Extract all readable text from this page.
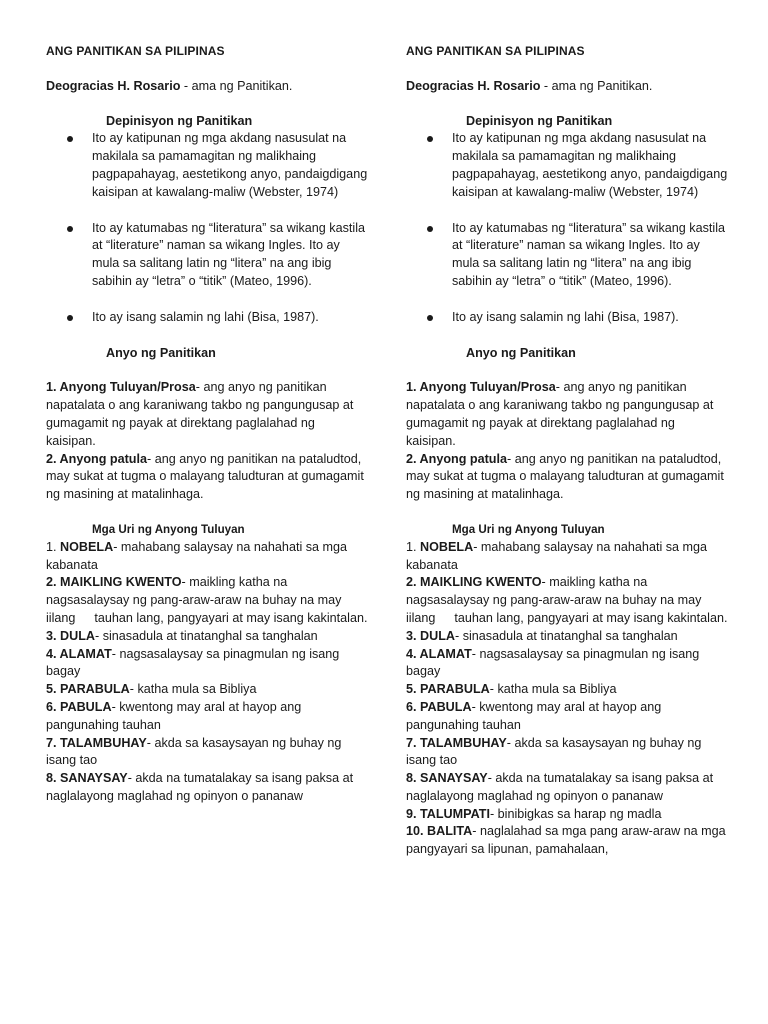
ANG PANITIKAN SA PILIPINAS
Deogracias H. Rosario - ama ng Panitikan.
Depinisyon ng Panitikan
Ito ay katipunan ng mga akdang nasusulat na makilala sa pamamagitan ng malikhaing pagpapahayag, aestetikong anyo, pandaigdigang kaisipan at kawalang-maliw (Webster, 1974)
Ito ay katumabas ng “literatura” sa wikang kastila at “literature” naman sa wikang Ingles. Ito ay mula sa salitang latin ng “litera” na ang ibig sabihin ay “letra” o “titik” (Mateo, 1996).
Ito ay isang salamin ng lahi (Bisa, 1987).
Anyo ng Panitikan

1. Anyong Tuluyan/Prosa- ang anyo ng panitikan napatalata o ang karaniwang takbo ng pangungusap at gumagamit ng payak at direktang paglalahad ng kaisipan.

2. Anyong patula- ang anyo ng panitikan na pataludtod, may sukat at tugma o malayang taludturan at gumagamit ng masining at matalinhaga.

Mga Uri ng Anyong Tuluyan

1. NOBELA- mahabang salaysay na nahahati sa mga kabanata

2. MAIKLING KWENTO- maikling katha na nagsasalaysay ng pang-araw-araw na buhay na may iilang tauhan lang, pangyayari at may isang kakintalan.

3. DULA- sinasadula at tinatanghal sa tanghalan

4. ALAMAT- nagsasalaysay sa pinagmulan ng isang bagay

5. PARABULA- katha mula sa Bibliya

6. PABULA- kwentong may aral at hayop ang pangunahing tauhan

7. TALAMBUHAY- akda sa kasaysayan ng buhay ng isang tao

8. SANAYSAY- akda na tumatalakay sa isang paksa at naglalayong maglahad ng opinyon o pananaw

ANG PANITIKAN SA PILIPINAS
Deogracias H. Rosario - ama ng Panitikan.
Depinisyon ng Panitikan
Ito ay katipunan ng mga akdang nasusulat na makilala sa pamamagitan ng malikhaing pagpapahayag, aestetikong anyo, pandaigdigang kaisipan at kawalang-maliw (Webster, 1974)
Ito ay katumabas ng “literatura” sa wikang kastila at “literature” naman sa wikang Ingles. Ito ay mula sa salitang latin ng “litera” na ang ibig sabihin ay “letra” o “titik” (Mateo, 1996).
Ito ay isang salamin ng lahi (Bisa, 1987).
Anyo ng Panitikan

1. Anyong Tuluyan/Prosa- ang anyo ng panitikan napatalata o ang karaniwang takbo ng pangungusap at gumagamit ng payak at direktang paglalahad ng kaisipan.

2. Anyong patula- ang anyo ng panitikan na pataludtod, may sukat at tugma o malayang taludturan at gumagamit ng masining at matalinhaga.

Mga Uri ng Anyong Tuluyan

1. NOBELA- mahabang salaysay na nahahati sa mga kabanata

2. MAIKLING KWENTO- maikling katha na nagsasalaysay ng pang-araw-araw na buhay na may iilang tauhan lang, pangyayari at may isang kakintalan.

3. DULA- sinasadula at tinatanghal sa tanghalan

4. ALAMAT- nagsasalaysay sa pinagmulan ng isang bagay

5. PARABULA- katha mula sa Bibliya

6. PABULA- kwentong may aral at hayop ang pangunahing tauhan

7. TALAMBUHAY- akda sa kasaysayan ng buhay ng isang tao

8. SANAYSAY- akda na tumatalakay sa isang paksa at naglalayong maglahad ng opinyon o pananaw

9. TALUMPATI- binibigkas sa harap ng madla

10. BALITA- naglalahad sa mga pang araw-araw na mga pangyayari sa lipunan, pamahalaan,
